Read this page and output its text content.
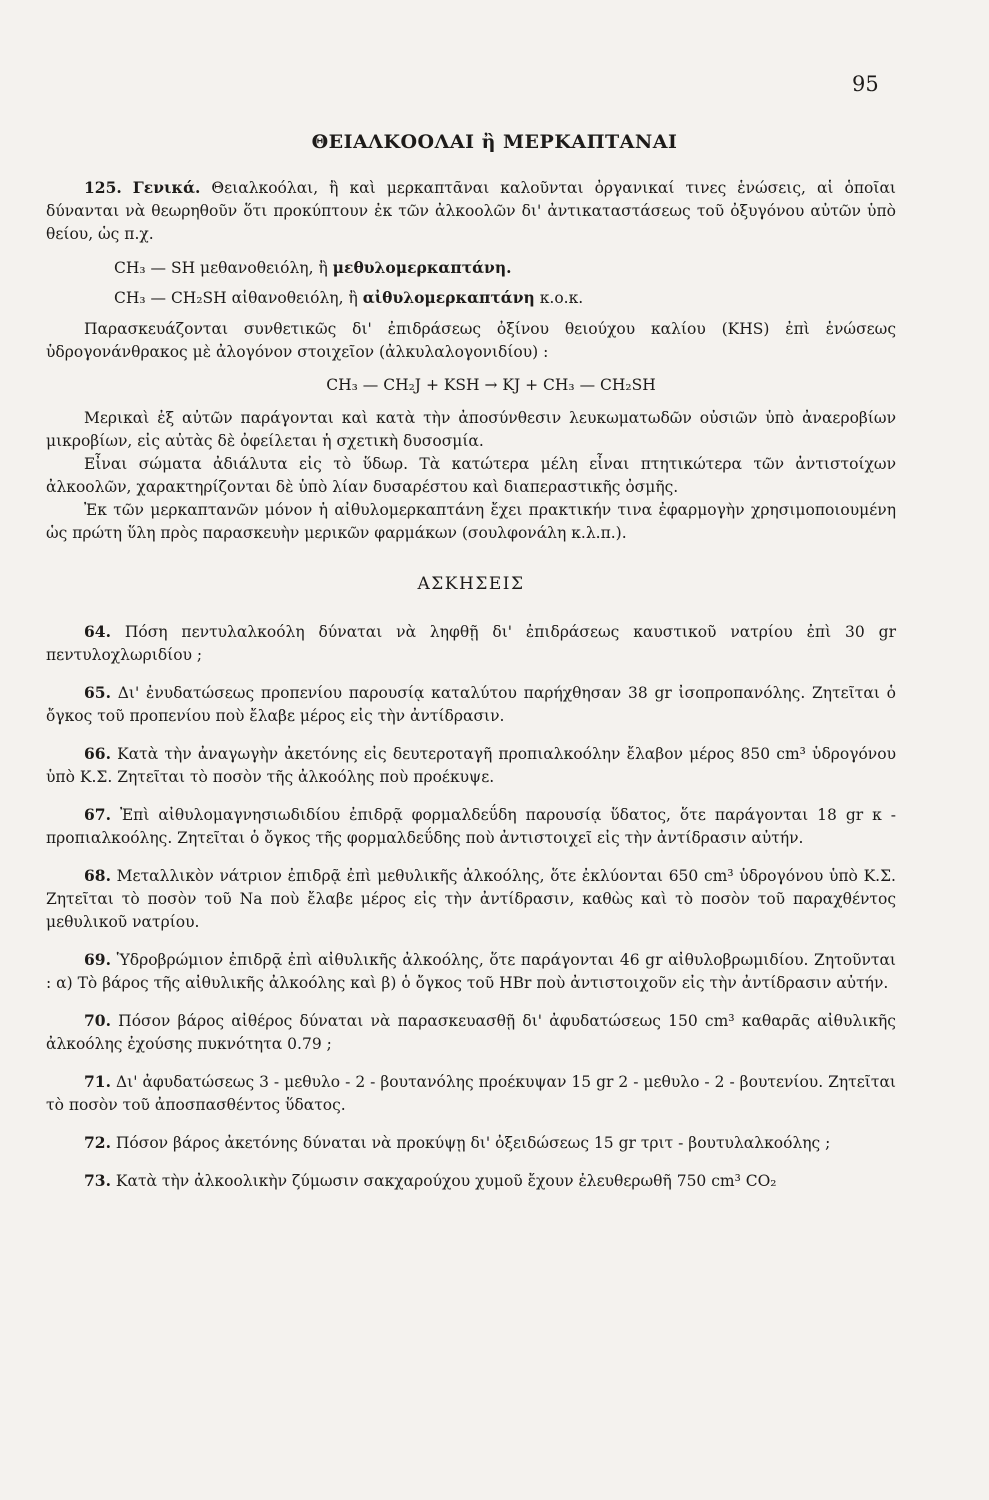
95
ΘΕΙΑΛΚΟΟΛΑΙ ἢ ΜΕΡΚΑΠΤΑΝΑΙ

125. Γενικά. Θειαλκοόλαι, ἢ καὶ μερκαπτᾶναι καλοῦνται ὀργανικαί τινες ἑνώσεις, αἱ ὁποῖαι δύνανται νὰ θεωρηθοῦν ὅτι προκύπτουν ἐκ τῶν ἀλκοολῶν δι' ἀντικαταστάσεως τοῦ ὀξυγόνου αὐτῶν ὑπὸ θείου, ὡς π.χ.

CH₃ — SH μεθανοθειόλη, ἢ μεθυλομερκαπτάνη.
CH₃ — CH₂SH αἰθανοθειόλη, ἢ αἰθυλομερκαπτάνη κ.ο.κ.

Παρασκευάζονται συνθετικῶς δι' ἐπιδράσεως ὀξίνου θειούχου καλίου (KHS) ἐπὶ ἑνώσεως ὑδρογονάνθρακος μὲ ἀλογόνον στοιχεῖον (ἀλκυλαλογονιδίου) :

CH₃ — CH₂J + KSH → KJ + CH₃ — CH₂SH

Μερικαὶ ἐξ αὐτῶν παράγονται καὶ κατὰ τὴν ἀποσύνθεσιν λευκωματωδῶν οὐσιῶν ὑπὸ ἀναεροβίων μικροβίων, εἰς αὐτὰς δὲ ὀφείλεται ἡ σχετικὴ δυσοσμία.

Εἶναι σώματα ἀδιάλυτα εἰς τὸ ὕδωρ. Τὰ κατώτερα μέλη εἶναι πτητικώτερα τῶν ἀντιστοίχων ἀλκοολῶν, χαρακτηρίζονται δὲ ὑπὸ λίαν δυσαρέστου καὶ διαπεραστικῆς ὀσμῆς.

Ἐκ τῶν μερκαπτανῶν μόνον ἡ αἰθυλομερκαπτάνη ἔχει πρακτικήν τινα ἐφαρμογὴν χρησιμοποιουμένη ὡς πρώτη ὕλη πρὸς παρασκευὴν μερικῶν φαρμάκων (σουλφονάλη κ.λ.π.).

ΑΣΚΗΣΕΙΣ

64. Πόση πεντυλαλκοόλη δύναται νὰ ληφθῇ δι' ἐπιδράσεως καυστικοῦ νατρίου ἐπὶ 30 gr πεντυλοχλωριδίου ;

65. Δι' ἐνυδατώσεως προπενίου παρουσίᾳ καταλύτου παρήχθησαν 38 gr ἰσοπροπανόλης. Ζητεῖται ὁ ὄγκος τοῦ προπενίου ποὺ ἔλαβε μέρος εἰς τὴν ἀντίδρασιν.

66. Κατὰ τὴν ἀναγωγὴν ἀκετόνης εἰς δευτεροταγῆ προπιαλκοόλην ἔλαβον μέρος 850 cm³ ὑδρογόνου ὑπὸ Κ.Σ. Ζητεῖται τὸ ποσὸν τῆς ἀλκοόλης ποὺ προέκυψε.

67. Ἐπὶ αἰθυλομαγνησιωδιδίου ἐπιδρᾷ φορμαλδεΰδη παρουσίᾳ ὕδατος, ὅτε παράγονται 18 gr κ - προπιαλκοόλης. Ζητεῖται ὁ ὄγκος τῆς φορμαλδεΰδης ποὺ ἀντιστοιχεῖ εἰς τὴν ἀντίδρασιν αὐτήν.

68. Μεταλλικὸν νάτριον ἐπιδρᾷ ἐπὶ μεθυλικῆς ἀλκοόλης, ὅτε ἐκλύονται 650 cm³ ὑδρογόνου ὑπὸ Κ.Σ. Ζητεῖται τὸ ποσὸν τοῦ Na ποὺ ἔλαβε μέρος εἰς τὴν ἀντίδρασιν, καθὼς καὶ τὸ ποσὸν τοῦ παραχθέντος μεθυλικοῦ νατρίου.

69. Ὑδροβρώμιον ἐπιδρᾷ ἐπὶ αἰθυλικῆς ἀλκοόλης, ὅτε παράγονται 46 gr αἰθυλοβρωμιδίου. Ζητοῦνται : α) Τὸ βάρος τῆς αἰθυλικῆς ἀλκοόλης καὶ β) ὁ ὄγκος τοῦ HBr ποὺ ἀντιστοιχοῦν εἰς τὴν ἀντίδρασιν αὐτήν.

70. Πόσον βάρος αἰθέρος δύναται νὰ παρασκευασθῇ δι' ἀφυδατώσεως 150 cm³ καθαρᾶς αἰθυλικῆς ἀλκοόλης ἐχούσης πυκνότητα 0.79 ;

71. Δι' ἀφυδατώσεως 3 - μεθυλο - 2 - βουτανόλης προέκυψαν 15 gr 2 - μεθυλο - 2 - βουτενίου. Ζητεῖται τὸ ποσὸν τοῦ ἀποσπασθέντος ὕδατος.

72. Πόσον βάρος ἀκετόνης δύναται νὰ προκύψῃ δι' ὀξειδώσεως 15 gr τριτ - βουτυλαλκοόλης ;

73. Κατὰ τὴν ἀλκοολικὴν ζύμωσιν σακχαρούχου χυμοῦ ἔχουν ἐλευθερωθῆ 750 cm³ CO₂
